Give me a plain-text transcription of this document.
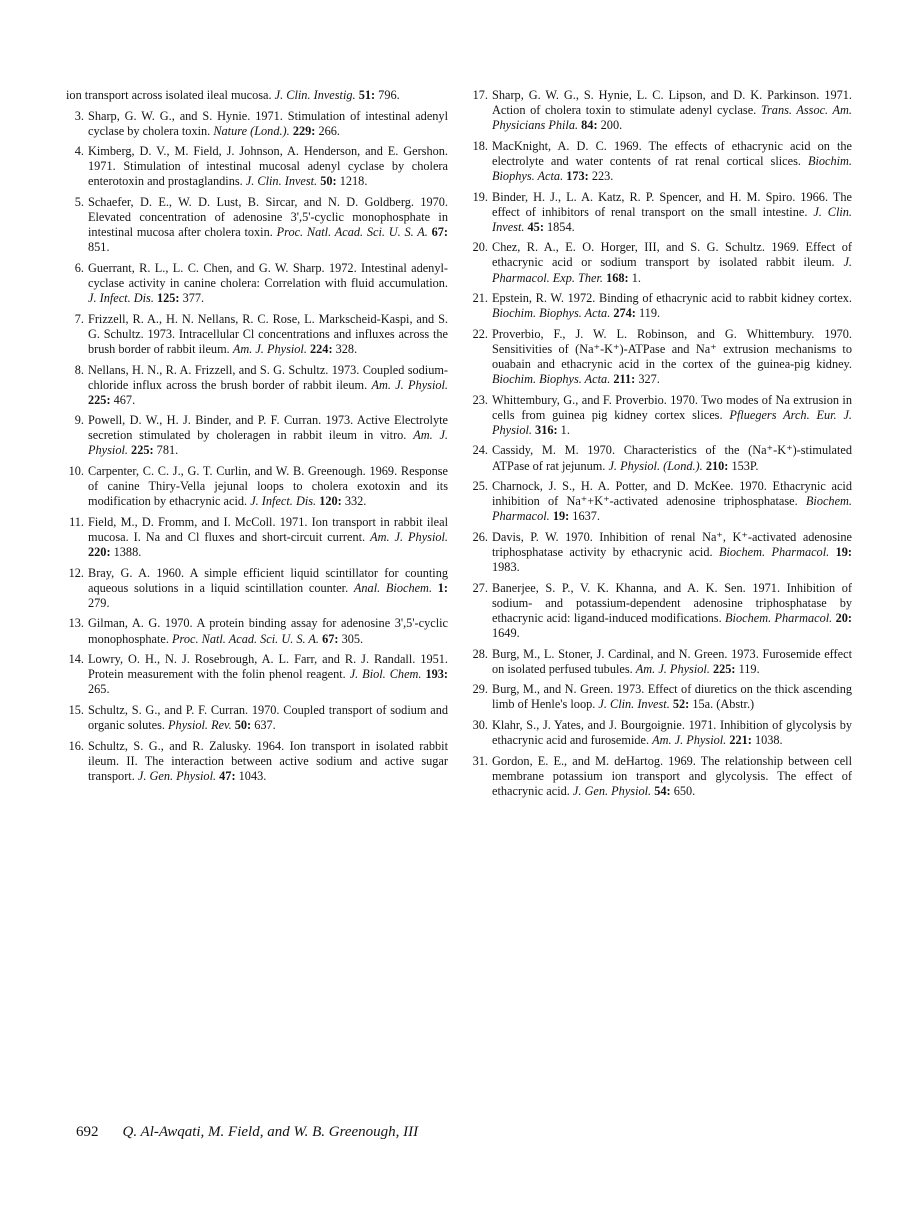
ion transport across isolated ileal mucosa. J. Clin. Investig. 51: 796.
3. Sharp, G. W. G., and S. Hynie. 1971. Stimulation of intestinal adenyl cyclase by cholera toxin. Nature (Lond.). 229: 266.
4. Kimberg, D. V., M. Field, J. Johnson, A. Henderson, and E. Gershon. 1971. Stimulation of intestinal mucosal adenyl cyclase by cholera enterotoxin and prostaglandins. J. Clin. Invest. 50: 1218.
5. Schaefer, D. E., W. D. Lust, B. Sircar, and N. D. Goldberg. 1970. Elevated concentration of adenosine 3',5'-cyclic monophosphate in intestinal mucosa after cholera toxin. Proc. Natl. Acad. Sci. U. S. A. 67: 851.
6. Guerrant, R. L., L. C. Chen, and G. W. Sharp. 1972. Intestinal adenyl-cyclase activity in canine cholera: Correlation with fluid accumulation. J. Infect. Dis. 125: 377.
7. Frizzell, R. A., H. N. Nellans, R. C. Rose, L. Markscheid-Kaspi, and S. G. Schultz. 1973. Intracellular Cl concentrations and influxes across the brush border of rabbit ileum. Am. J. Physiol. 224: 328.
8. Nellans, H. N., R. A. Frizzell, and S. G. Schultz. 1973. Coupled sodium-chloride influx across the brush border of rabbit ileum. Am. J. Physiol. 225: 467.
9. Powell, D. W., H. J. Binder, and P. F. Curran. 1973. Active Electrolyte secretion stimulated by choleragen in rabbit ileum in vitro. Am. J. Physiol. 225: 781.
10. Carpenter, C. C. J., G. T. Curlin, and W. B. Greenough. 1969. Response of canine Thiry-Vella jejunal loops to cholera exotoxin and its modification by ethacrynic acid. J. Infect. Dis. 120: 332.
11. Field, M., D. Fromm, and I. McColl. 1971. Ion transport in rabbit ileal mucosa. I. Na and Cl fluxes and short-circuit current. Am. J. Physiol. 220: 1388.
12. Bray, G. A. 1960. A simple efficient liquid scintillator for counting aqueous solutions in a liquid scintillation counter. Anal. Biochem. 1: 279.
13. Gilman, A. G. 1970. A protein binding assay for adenosine 3',5'-cyclic monophosphate. Proc. Natl. Acad. Sci. U. S. A. 67: 305.
14. Lowry, O. H., N. J. Rosebrough, A. L. Farr, and R. J. Randall. 1951. Protein measurement with the folin phenol reagent. J. Biol. Chem. 193: 265.
15. Schultz, S. G., and P. F. Curran. 1970. Coupled transport of sodium and organic solutes. Physiol. Rev. 50: 637.
16. Schultz, S. G., and R. Zalusky. 1964. Ion transport in isolated rabbit ileum. II. The interaction between active sodium and active sugar transport. J. Gen. Physiol. 47: 1043.
17. Sharp, G. W. G., S. Hynie, L. C. Lipson, and D. K. Parkinson. 1971. Action of cholera toxin to stimulate adenyl cyclase. Trans. Assoc. Am. Physicians Phila. 84: 200.
18. MacKnight, A. D. C. 1969. The effects of ethacrynic acid on the electrolyte and water contents of rat renal cortical slices. Biochim. Biophys. Acta. 173: 223.
19. Binder, H. J., L. A. Katz, R. P. Spencer, and H. M. Spiro. 1966. The effect of inhibitors of renal transport on the small intestine. J. Clin. Invest. 45: 1854.
20. Chez, R. A., E. O. Horger, III, and S. G. Schultz. 1969. Effect of ethacrynic acid or sodium transport by isolated rabbit ileum. J. Pharmacol. Exp. Ther. 168: 1.
21. Epstein, R. W. 1972. Binding of ethacrynic acid to rabbit kidney cortex. Biochim. Biophys. Acta. 274: 119.
22. Proverbio, F., J. W. L. Robinson, and G. Whittembury. 1970. Sensitivities of (Na⁺-K⁺)-ATPase and Na⁺ extrusion mechanisms to ouabain and ethacrynic acid in the cortex of the guinea-pig kidney. Biochim. Biophys. Acta. 211: 327.
23. Whittembury, G., and F. Proverbio. 1970. Two modes of Na extrusion in cells from guinea pig kidney cortex slices. Pfluegers Arch. Eur. J. Physiol. 316: 1.
24. Cassidy, M. M. 1970. Characteristics of the (Na⁺-K⁺)-stimulated ATPase of rat jejunum. J. Physiol. (Lond.). 210: 153P.
25. Charnock, J. S., H. A. Potter, and D. McKee. 1970. Ethacrynic acid inhibition of Na⁺+K⁺-activated adenosine triphosphatase. Biochem. Pharmacol. 19: 1637.
26. Davis, P. W. 1970. Inhibition of renal Na⁺, K⁺-activated adenosine triphosphatase activity by ethacrynic acid. Biochem. Pharmacol. 19: 1983.
27. Banerjee, S. P., V. K. Khanna, and A. K. Sen. 1971. Inhibition of sodium- and potassium-dependent adenosine triphosphatase by ethacrynic acid: ligand-induced modifications. Biochem. Pharmacol. 20: 1649.
28. Burg, M., L. Stoner, J. Cardinal, and N. Green. 1973. Furosemide effect on isolated perfused tubules. Am. J. Physiol. 225: 119.
29. Burg, M., and N. Green. 1973. Effect of diuretics on the thick ascending limb of Henle's loop. J. Clin. Invest. 52: 15a. (Abstr.)
30. Klahr, S., J. Yates, and J. Bourgoignie. 1971. Inhibition of glycolysis by ethacrynic acid and furosemide. Am. J. Physiol. 221: 1038.
31. Gordon, E. E., and M. deHartog. 1969. The relationship between cell membrane potassium ion transport and glycolysis. The effect of ethacrynic acid. J. Gen. Physiol. 54: 650.
692 Q. Al-Awqati, M. Field, and W. B. Greenough, III
